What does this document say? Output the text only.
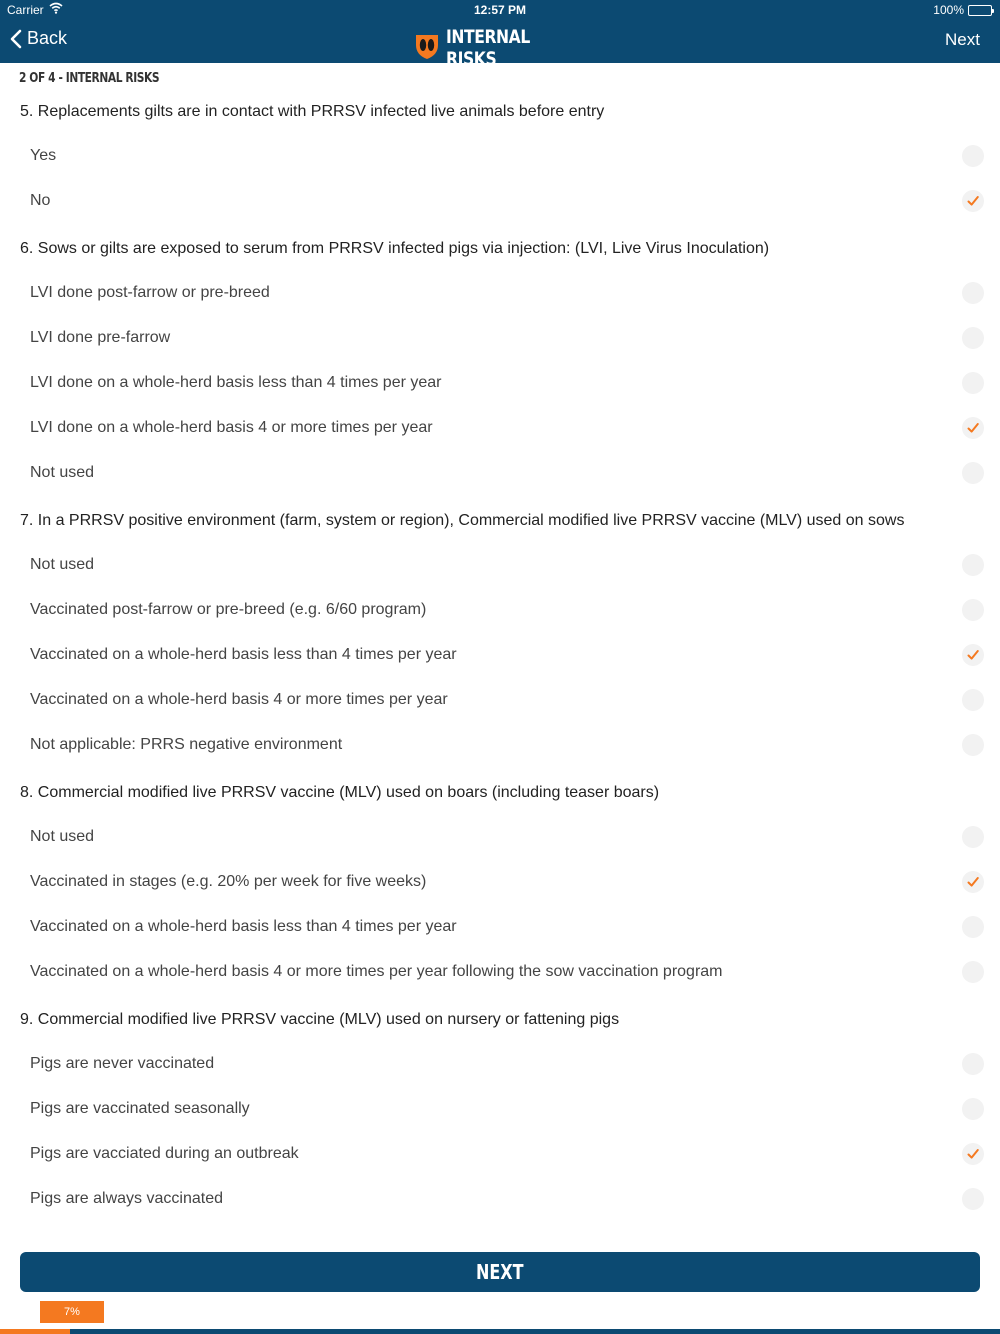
Carrier	12:57 PM	100%
Back	INTERNAL RISKS
Next
2 OF 4 - INTERNAL RISKS
5. Replacements gilts are in contact with PRRSV infected live animals before entry
Yes
No
6. Sows or gilts are exposed to serum from PRRSV infected pigs via injection: (LVI, Live Virus Inoculation)
LVI done post-farrow or pre-breed
LVI done pre-farrow
LVI done on a whole-herd basis less than 4 times per year
LVI done on a whole-herd basis 4 or more times per year
Not used
7. In a PRRSV positive environment (farm, system or region), Commercial modified live PRRSV vaccine (MLV) used on sows
Not used
Vaccinated post-farrow or pre-breed (e.g. 6/60 program)
Vaccinated on a whole-herd basis less than 4 times per year
Vaccinated on a whole-herd basis 4 or more times per year
Not applicable: PRRS negative environment
8. Commercial modified live PRRSV vaccine (MLV) used on boars (including teaser boars)
Not used
Vaccinated in stages (e.g. 20% per week for five weeks)
Vaccinated on a whole-herd basis less than 4 times per year
Vaccinated on a whole-herd basis 4 or more times per year following the sow vaccination program
9. Commercial modified live PRRSV vaccine (MLV) used on nursery or fattening pigs
Pigs are never vaccinated
Pigs are vaccinated seasonally
Pigs are vacciated during an outbreak
Pigs are always vaccinated
NEXT
7%
